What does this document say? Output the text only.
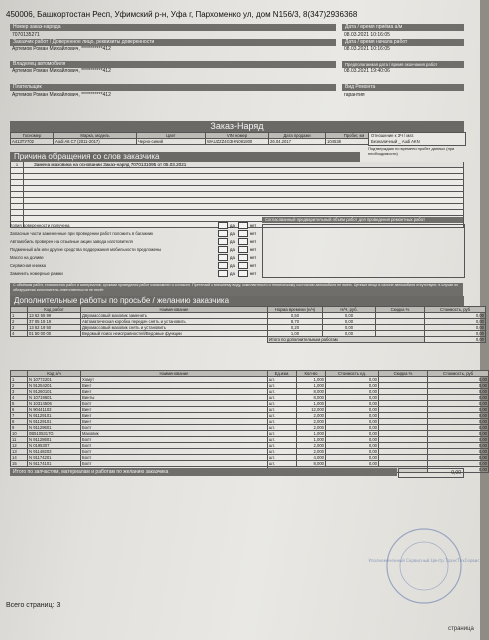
450006, Башкортостан Респ, Уфимский р-н, Уфа г, Пархоменко ул, дом N156/3, 8(347)2936368
Номер заказ-наряда
7070135271
Заказчик работ / Доверенное лицо, реквизиты доверенности
Артемов Роман Михайлович, ***********412
Владелец автомобиля
Артемов Роман Михайлович, ***********412
Плательщик
Артемов Роман Михайлович, ***********412
Дата / время приёма а/м
08.03.2021 10:16:05
Дата / время начала работ
08.03.2021 10:16:05
Предполагаемая дата / время окончания работ
08.03.2021 19:40:06
Вид Ремонта
гарантия
Заказ-Наряд
Госномер	Марка, модель	Цвет	VIN номер	Дата продажи	Пробег, км
А413ТУ702	Audi A6 C7 (2011-2017)	Черно-синий	WAUZZZ4G3HN081800	26.04.2017	104538
Отношение к ЗЧ / мат.
Безналичный _ Audi AKN
Подтверждаю по времени пробег данных (при необходимости)
Причина обращения со слов заказчика
1	Замена маховика на основании Заказ-наряд 7070131095 от 05.03.2021
Копия доверенности получена	да	нет
Запасные части замененные при проведении работ положить в багажник	да	нет
Автомобиль проверен на отзывные акции завода изготовителя	да	нет
Подменный а/м или другие средства поддержания мобильности предложены	да	нет
Масло на доливе	да	нет
Сервисная книжка	да	нет
Заменить номерные рамки	да	нет
Согласованный предварительный объём работ для проведения ремонтных работ
С объёмом работ, стоимостью работ и материалов, сроками проведения работ ознакомлен и согласен. Претензий к внешнему виду, комплектности и техническому состоянию автомобиля не имею. Ценные вещи в салоне автомобиля отсутствуют, в случае их обнаружения исполнитель ответственности не несёт.
Дополнительные работы по просьбе / желанию заказчика
	Код работ	Наименование	Норма времени (н/ч)	Н/Ч, руб.	Скидка %	Стоимость, руб
1	13 62 55 99	Двухмассовый маховик заменить	0,50	0,00		0,00
2	37 05 19 19	Автоматическая коробка передач снять и установить	8,70	0,00		0,00
3	13 62 19 50	Двухмассовый маховик снять и установить	0,20	0,00		0,00
4	01 50 00 00	Ведомый поиск неисправностей/Ведомые функции	1,00	0,00		0,00
			Итого по дополнительным работам			0,00
	Код з/ч	Наименование	Ед.изм.	Кол-во	Стоимость ед.	Скидка %	Стоимость, руб
1	N 10772201	Хомут	шт.	1,000	0,00		0,00
2	N 91254201	Винт	шт.	1,000	0,00		0,00
3	N 91260101	Винт	шт.	8,000	0,00		0,00
4	N 10719601	Винты	шт.	8,000	0,00		0,00
5	N 10314506	Болт	шт.	1,000	0,00		0,00
6	N 90441103	Винт	шт.	12,000	0,00		0,00
7	N 91129101	Винт	шт.	2,000	0,00		0,00
8	N 91129101	Винт	шт.	2,000	0,00		0,00
9	N 91129601	Болт	шт.	2,000	0,00		0,00
10	0B5105317G	Маховик	шт.	1,000	0,00		0,00
11	N 91128601	Болт	шт.	1,000	0,00		0,00
12	N 0195307	Болт	шт.	2,000	0,00		0,00
13	N 91148203	Болт	шт.	2,000	0,00		0,00
14	N 91174201	Болт	шт.	4,000	0,00		0,00
15	N 91174101	Болт	шт.	8,000	0,00		0,00
		0,00
Итого по запчастям, материалам и работам по желанию заказчика	0,00
Уполномоченный Сервисный Центр ТрансТехСервис
Всего страниц: 3
страница
